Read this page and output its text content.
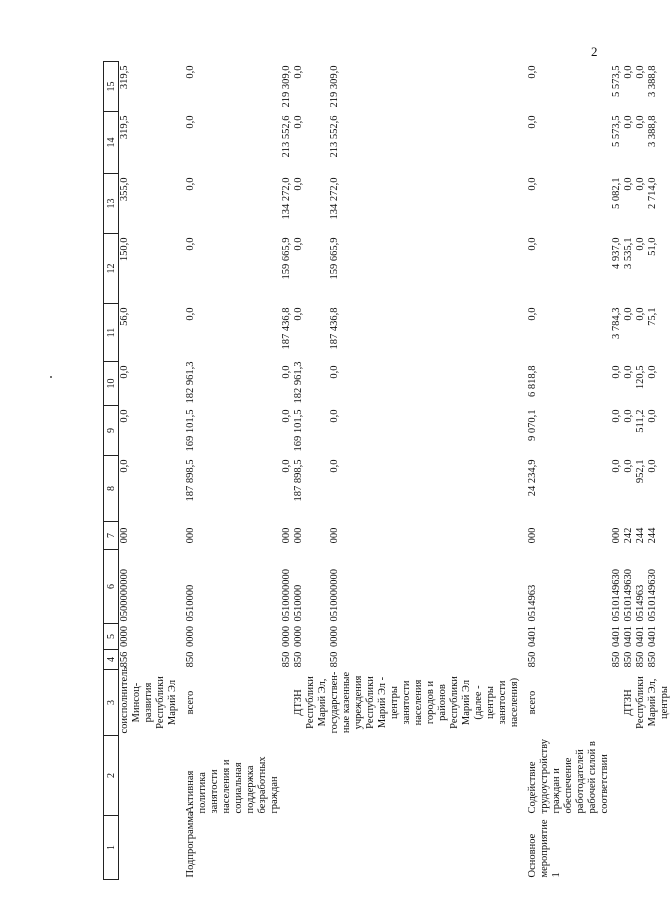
2
1	2	3	4	5	6	7	8	9	10	11	12	13	14	15
		соисполнитель Минсоц-развития Республики Марий Эл	856	0000	0500000000	000	0,0	0,0	0,0	56,0	150,0	355,0	319,5	319,5

Подпрограмма	Активная политика занятости населения и социальная поддержка безработных граждан	всего	850	0000	0510000	000	187 898,5	169 101,5	182 961,3	0,0	0,0	0,0	0,0	0,0
			850	0000	0510000000	000	0,0	0,0	0,0	187 436,8	159 665,9	134 272,0	213 552,6	219 309,0
		ДТЗН Республики Марий Эл,	850	0000	0510000	000	187 898,5	169 101,5	182 961,3	0,0	0,0	0,0	0,0	0,0
		государствен-ные казенные учреждения Республики Марий Эл - центры занятости населения городов и районов Республики Марий Эл (далее - центры занятости населения)	850	0000	0510000000	000	0,0	0,0	0,0	187 436,8	159 665,9	134 272,0	213 552,6	219 309,0

Основное мероприятие 1	Содействие трудоустройству граждан и обеспечение работодателей рабочей силой в соответствии	всего	850	0401	0514963	000	24 234,9	9 070,1	6 818,8	0,0	0,0	0,0	0,0	0,0
			850	0401	0510149630	000	0,0	0,0	0,0	3 784,3	4 937,0	5 082,1	5 573,5	5 573,5
		ДТЗН	850	0401	0510149630	242	0,0	0,0	0,0	0,0	3 535,1	0,0	0,0	0,0
		Республики	850	0401	0514963	244	952,1	511,2	120,5	0,0	0,0	0,0	0,0	0,0
		Марий Эл, центры	850	0401	0510149630	244	0,0	0,0	0,0	75,1	51,0	2 714,0	3 388,8	3 388,8
